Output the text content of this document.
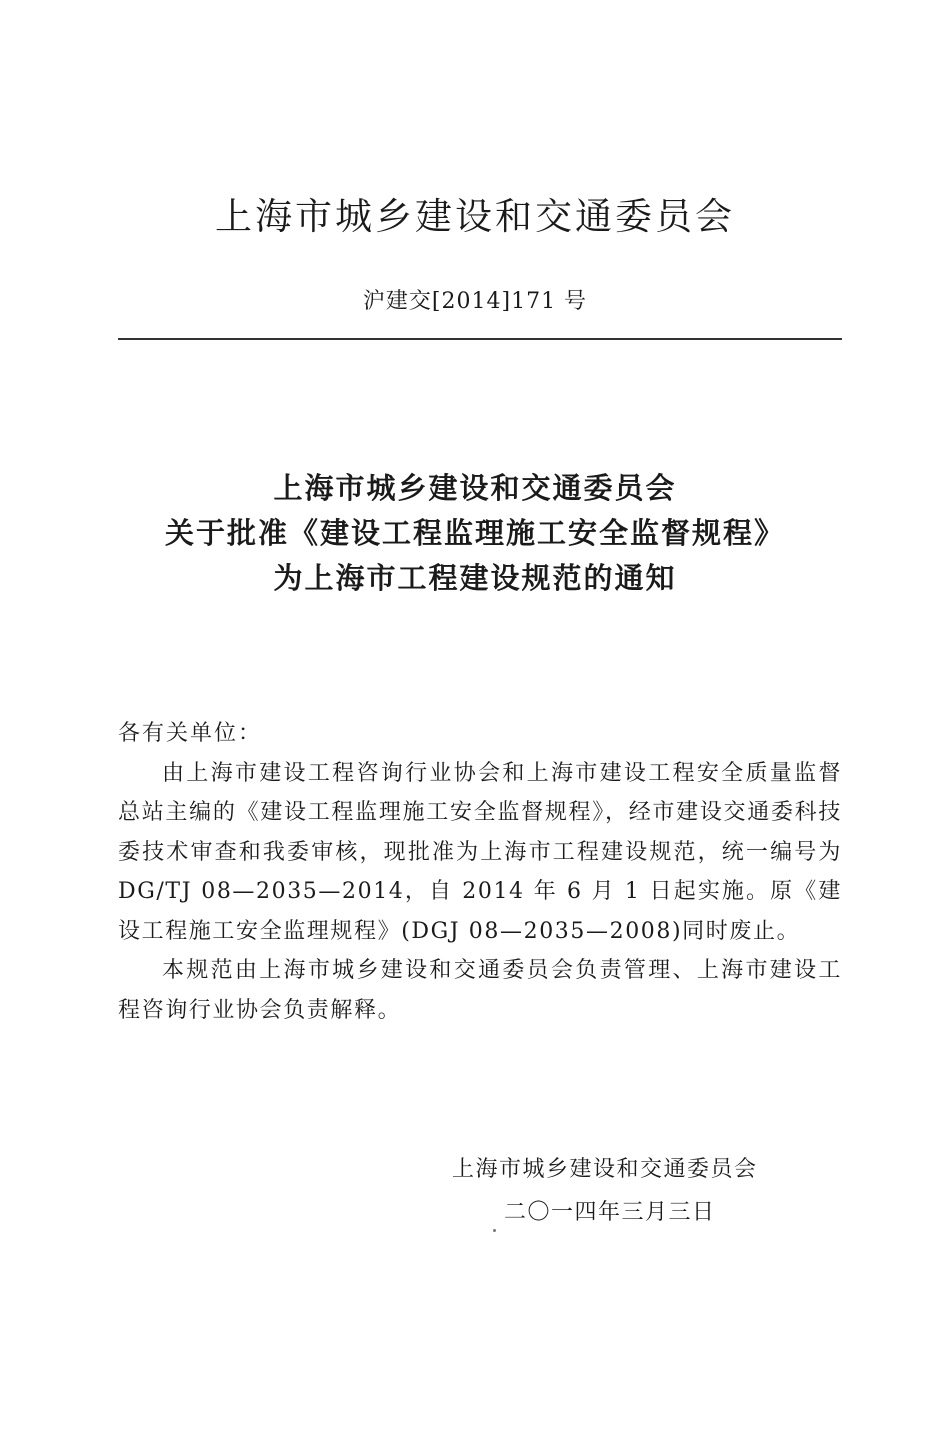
上海市城乡建设和交通委员会
沪建交[2014]171 号
上海市城乡建设和交通委员会
关于批准《建设工程监理施工安全监督规程》
为上海市工程建设规范的通知
各有关单位：

由上海市建设工程咨询行业协会和上海市建设工程安全质量监督总站主编的《建设工程监理施工安全监督规程》，经市建设交通委科技委技术审查和我委审核，现批准为上海市工程建设规范，统一编号为 DG/TJ 08—2035—2014，自 2014 年 6 月 1 日起实施。原《建设工程施工安全监理规程》(DGJ 08—2035—2008)同时废止。

本规范由上海市城乡建设和交通委员会负责管理、上海市建设工程咨询行业协会负责解释。

上海市城乡建设和交通委员会
二〇一四年三月三日
